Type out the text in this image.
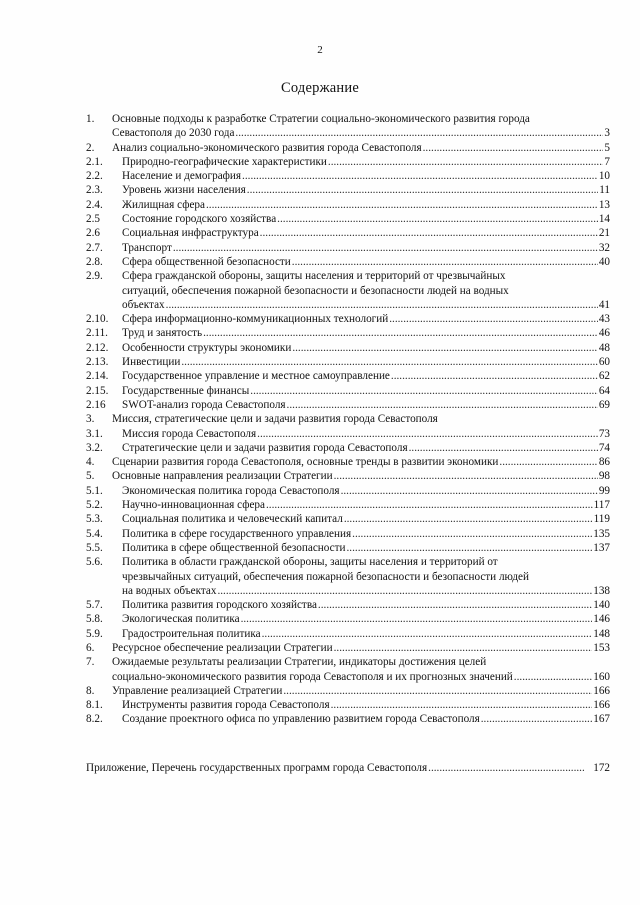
2
Содержание
1. Основные подходы к разработке Стратегии социально-экономического развития города
Севастополя до 2030 года .....	3
2. Анализ социально-экономического развития города Севастополя .....	5
2.1. Природно-географические характеристики .....	7
2.2. Население и демография .....	10
2.3. Уровень жизни населения .....	11
2.4. Жилищная сфера .....	13
2.5 Состояние городского хозяйства .....	14
2.6 Социальная инфраструктура .....	21
2.7. Транспорт .....	32
2.8. Сфера общественной безопасности .....	40
2.9. Сфера гражданской обороны, защиты населения и территорий от чрезвычайных
ситуаций, обеспечения пожарной безопасности и безопасности людей на водных
объектах .....	41
2.10. Сфера информационно-коммуникационных технологий .....	43
2.11. Труд и занятость .....	46
2.12. Особенности структуры экономики .....	48
2.13. Инвестиции .....	60
2.14. Государственное управление и местное самоуправление .....	62
2.15. Государственные финансы .....	64
2.16 SWOT-анализ города Севастополя .....	69
3. Миссия, стратегические цели и задачи развития города Севастополя
3.1. Миссия города Севастополя .....	73
3.2. Стратегические цели и задачи развития города Севастополя .....	74
4. Сценарии развития города Севастополя, основные тренды в развитии экономики .....	86
5. Основные направления реализации Стратегии .....	98
5.1. Экономическая политика города Севастополя .....	99
5.2. Научно-инновационная сфера .....	117
5.3. Социальная политика и человеческий капитал .....	119
5.4. Политика в сфере государственного управления .....	135
5.5. Политика в сфере общественной безопасности .....	137
5.6. Политика в области гражданской обороны, защиты населения и территорий от
чрезвычайных ситуаций, обеспечения пожарной безопасности и безопасности людей
на водных объектах .....	138
5.7. Политика развития городского хозяйства .....	140
5.8. Экологическая политика .....	146
5.9. Градостроительная политика .....	148
6. Ресурсное обеспечение реализации Стратегии .....	153
7. Ожидаемые результаты реализации Стратегии, индикаторы достижения целей
социально-экономического развития города Севастополя и их прогнозных значений .....	160
8. Управление реализацией Стратегии .....	166
8.1. Инструменты развития города Севастополя .....	166
8.2. Создание проектного офиса по управлению развитием города Севастополя .....	167
Приложение, Перечень государственных программ города Севастополя .....	172
